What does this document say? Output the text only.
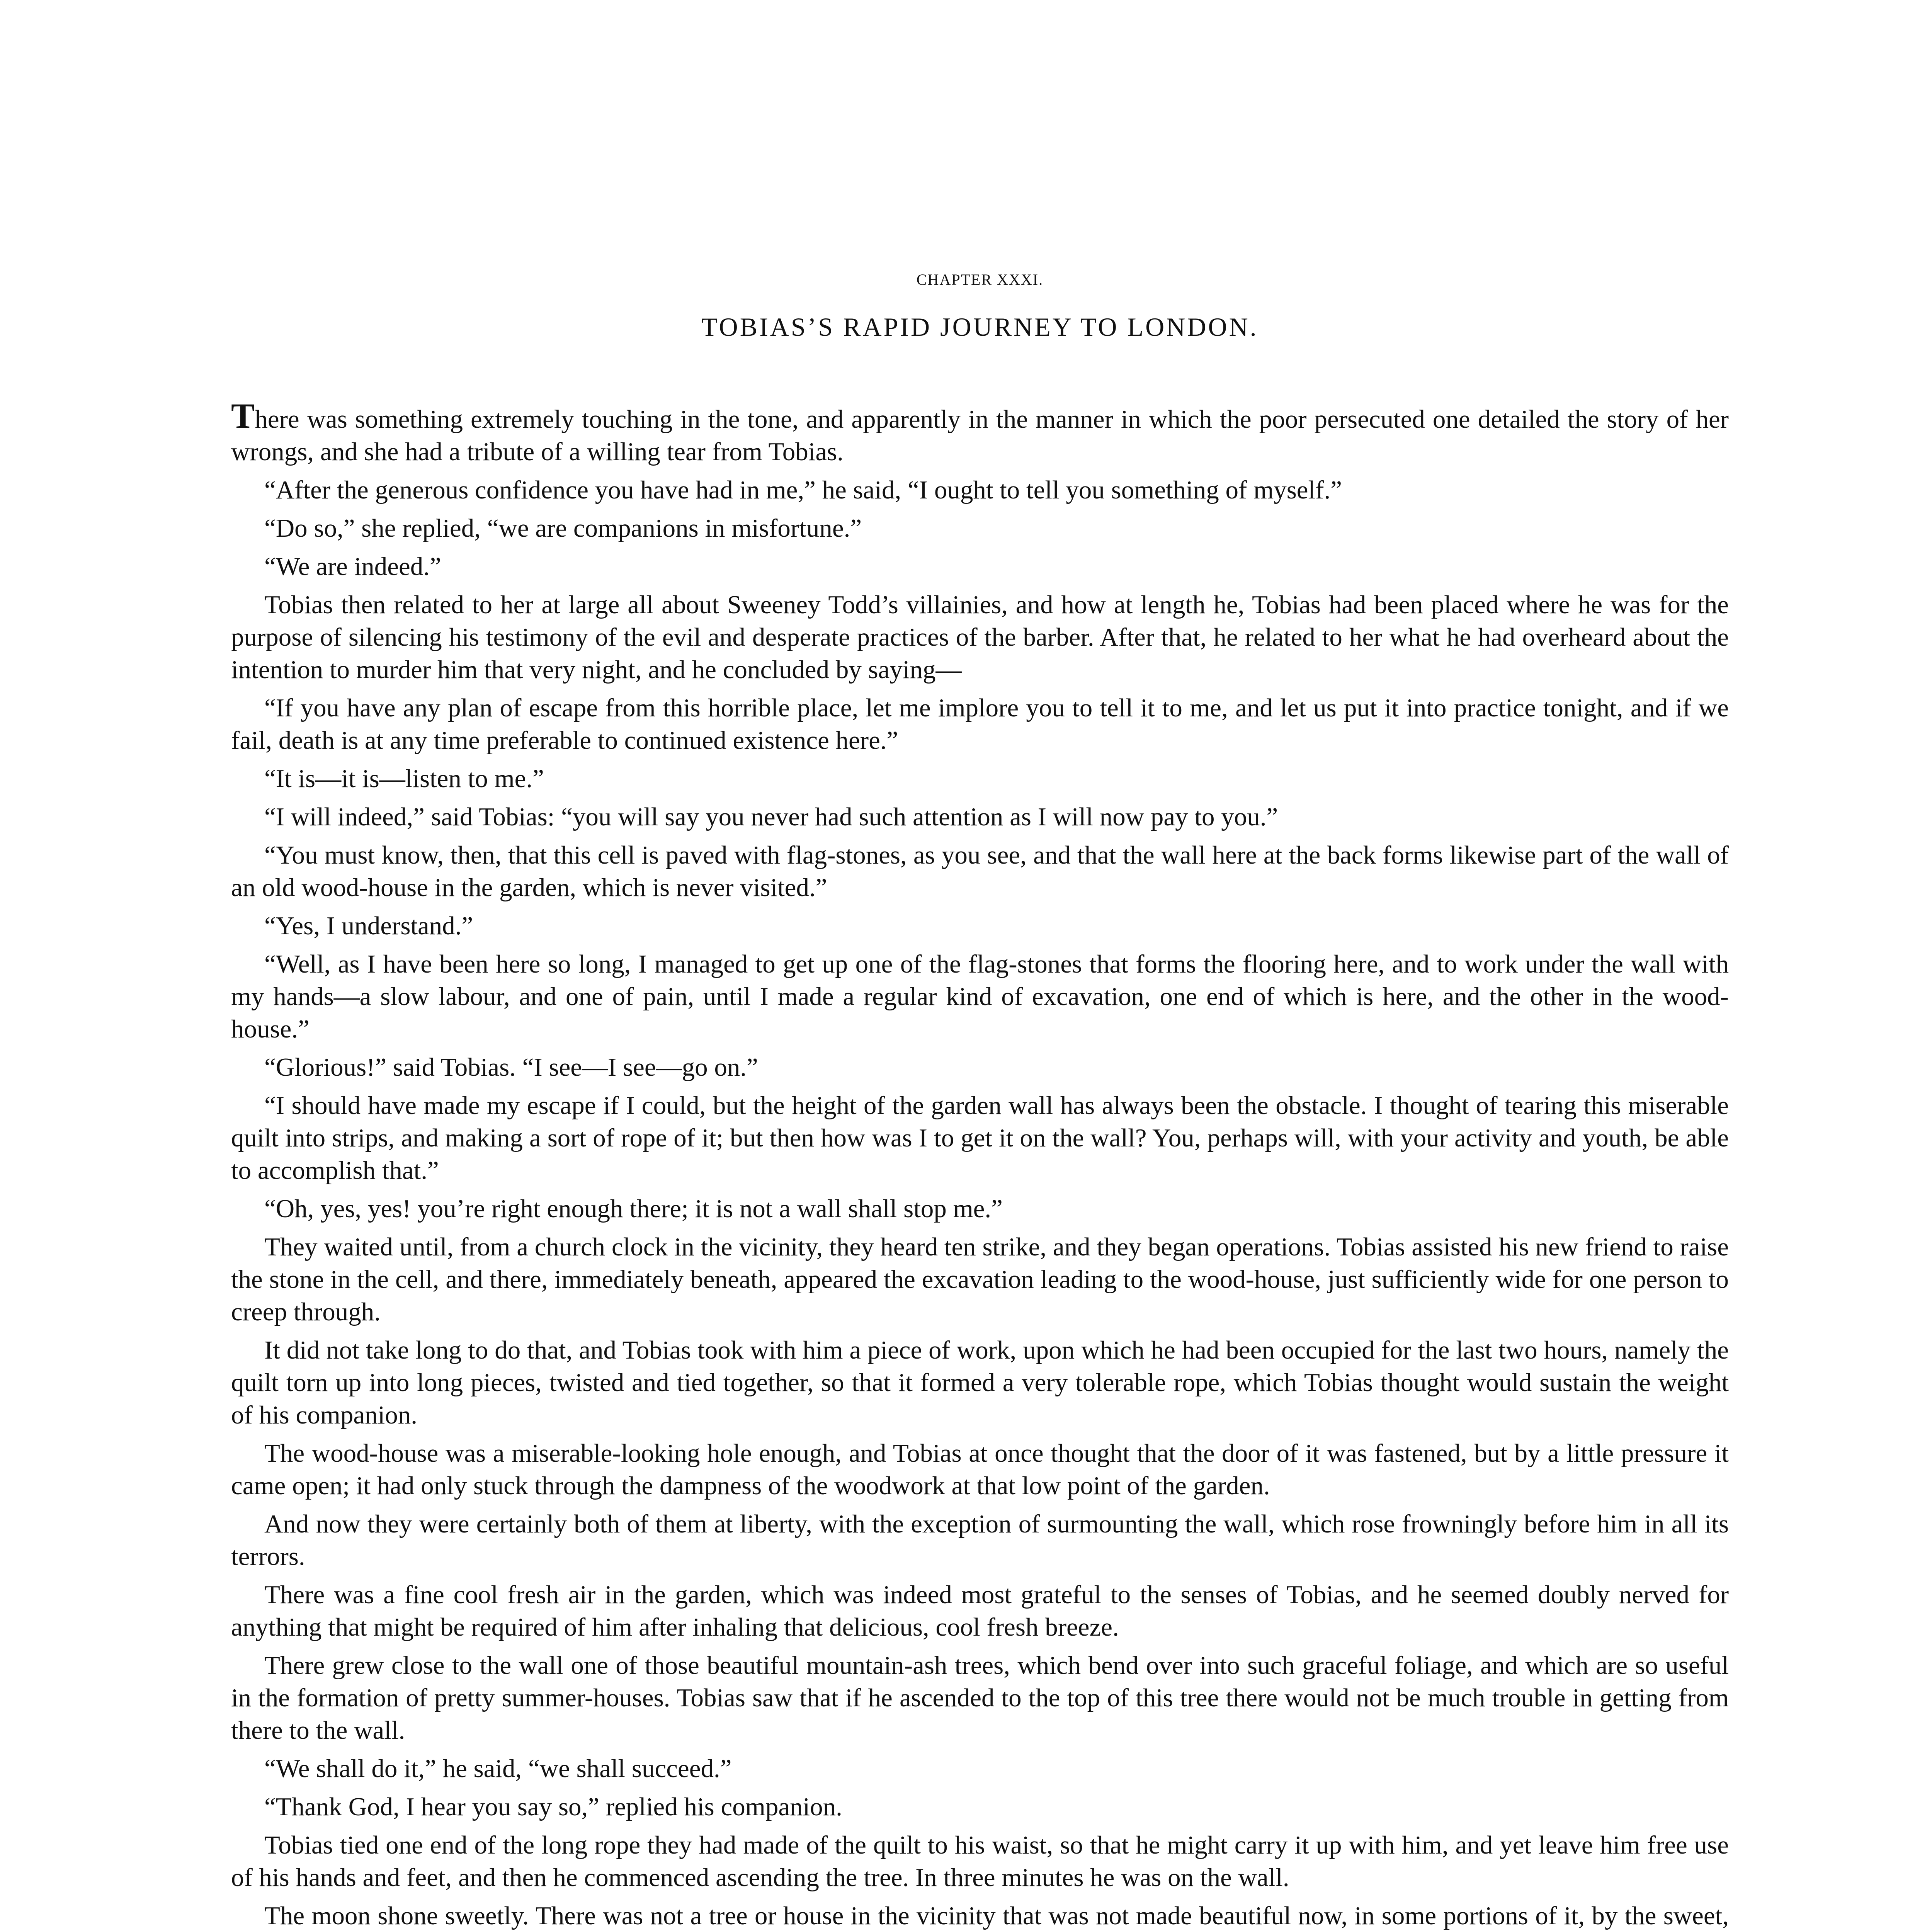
CHAPTER XXXI.
TOBIAS’S RAPID JOURNEY TO LONDON.

There was something extremely touching in the tone, and apparently in the manner in which the poor persecuted one detailed the story of her wrongs, and she had a tribute of a willing tear from Tobias.

“After the generous confidence you have had in me,” he said, “I ought to tell you something of myself.”

“Do so,” she replied, “we are companions in misfortune.”

“We are indeed.”

Tobias then related to her at large all about Sweeney Todd’s villainies, and how at length he, Tobias had been placed where he was for the purpose of silencing his testimony of the evil and desperate practices of the barber. After that, he related to her what he had overheard about the intention to murder him that very night, and he concluded by saying—

“If you have any plan of escape from this horrible place, let me implore you to tell it to me, and let us put it into practice tonight, and if we fail, death is at any time preferable to continued existence here.”

“It is—it is—listen to me.”

“I will indeed,” said Tobias: “you will say you never had such attention as I will now pay to you.”

“You must know, then, that this cell is paved with flag-stones, as you see, and that the wall here at the back forms likewise part of the wall of an old wood-house in the garden, which is never visited.”

“Yes, I understand.”

“Well, as I have been here so long, I managed to get up one of the flag-stones that forms the flooring here, and to work under the wall with my hands—a slow labour, and one of pain, until I made a regular kind of excavation, one end of which is here, and the other in the wood-house.”

“Glorious!” said Tobias. “I see—I see—go on.”

“I should have made my escape if I could, but the height of the garden wall has always been the obstacle. I thought of tearing this miserable quilt into strips, and making a sort of rope of it; but then how was I to get it on the wall? You, perhaps will, with your activity and youth, be able to accomplish that.”

“Oh, yes, yes! you’re right enough there; it is not a wall shall stop me.”

They waited until, from a church clock in the vicinity, they heard ten strike, and they began operations. Tobias assisted his new friend to raise the stone in the cell, and there, immediately beneath, appeared the excavation leading to the wood-house, just sufficiently wide for one person to creep through.

It did not take long to do that, and Tobias took with him a piece of work, upon which he had been occupied for the last two hours, namely the quilt torn up into long pieces, twisted and tied together, so that it formed a very tolerable rope, which Tobias thought would sustain the weight of his companion.

The wood-house was a miserable-looking hole enough, and Tobias at once thought that the door of it was fastened, but by a little pressure it came open; it had only stuck through the dampness of the woodwork at that low point of the garden.

And now they were certainly both of them at liberty, with the exception of surmounting the wall, which rose frowningly before him in all its terrors.

There was a fine cool fresh air in the garden, which was indeed most grateful to the senses of Tobias, and he seemed doubly nerved for anything that might be required of him after inhaling that delicious, cool fresh breeze.

There grew close to the wall one of those beautiful mountain-ash trees, which bend over into such graceful foliage, and which are so useful in the formation of pretty summer-houses. Tobias saw that if he ascended to the top of this tree there would not be much trouble in getting from there to the wall.

“We shall do it,” he said, “we shall succeed.”

“Thank God, I hear you say so,” replied his companion.

Tobias tied one end of the long rope they had made of the quilt to his waist, so that he might carry it up with him, and yet leave him free use of his hands and feet, and then he commenced ascending the tree. In three minutes he was on the wall.

The moon shone sweetly. There was not a tree or house in the vicinity that was not made beautiful now, in some portions of it, by the sweet,
